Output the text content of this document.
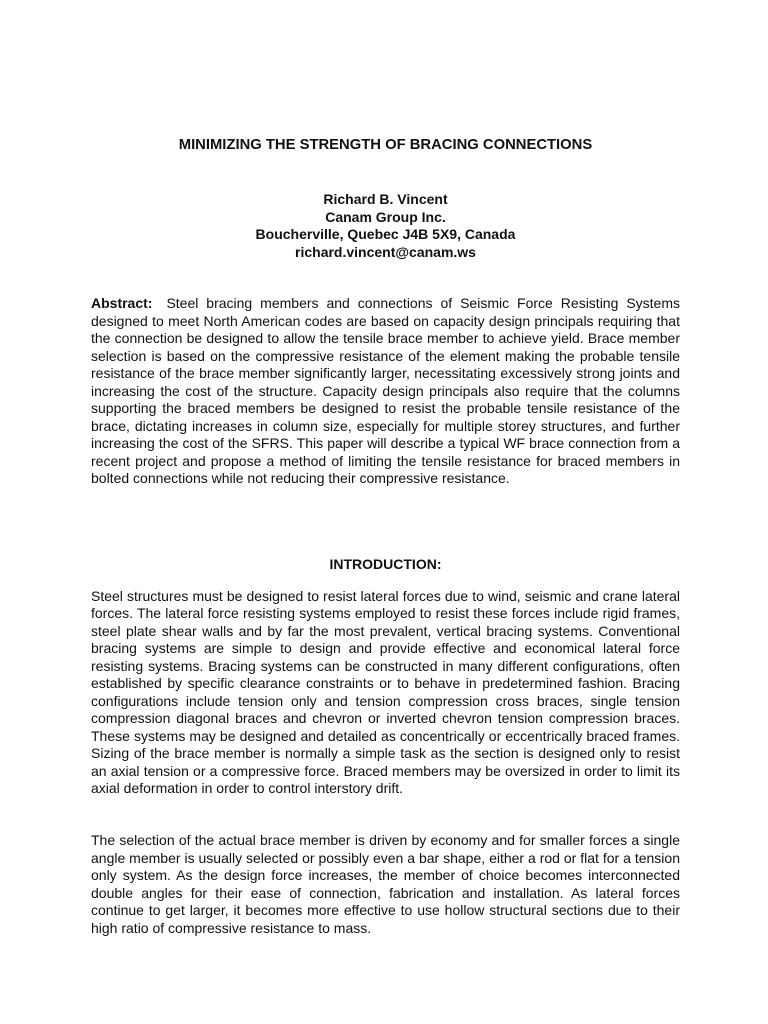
MINIMIZING THE STRENGTH OF BRACING CONNECTIONS
Richard B. Vincent
Canam Group Inc.
Boucherville, Quebec J4B 5X9, Canada
richard.vincent@canam.ws

Abstract: Steel bracing members and connections of Seismic Force Resisting Systems designed to meet North American codes are based on capacity design principals requiring that the connection be designed to allow the tensile brace member to achieve yield. Brace member selection is based on the compressive resistance of the element making the probable tensile resistance of the brace member significantly larger, necessitating excessively strong joints and increasing the cost of the structure. Capacity design principals also require that the columns supporting the braced members be designed to resist the probable tensile resistance of the brace, dictating increases in column size, especially for multiple storey structures, and further increasing the cost of the SFRS. This paper will describe a typical WF brace connection from a recent project and propose a method of limiting the tensile resistance for braced members in bolted connections while not reducing their compressive resistance.

INTRODUCTION:

Steel structures must be designed to resist lateral forces due to wind, seismic and crane lateral forces. The lateral force resisting systems employed to resist these forces include rigid frames, steel plate shear walls and by far the most prevalent, vertical bracing systems. Conventional bracing systems are simple to design and provide effective and economical lateral force resisting systems. Bracing systems can be constructed in many different configurations, often established by specific clearance constraints or to behave in predetermined fashion. Bracing configurations include tension only and tension compression cross braces, single tension compression diagonal braces and chevron or inverted chevron tension compression braces. These systems may be designed and detailed as concentrically or eccentrically braced frames. Sizing of the brace member is normally a simple task as the section is designed only to resist an axial tension or a compressive force. Braced members may be oversized in order to limit its axial deformation in order to control interstory drift.

The selection of the actual brace member is driven by economy and for smaller forces a single angle member is usually selected or possibly even a bar shape, either a rod or flat for a tension only system. As the design force increases, the member of choice becomes interconnected double angles for their ease of connection, fabrication and installation. As lateral forces continue to get larger, it becomes more effective to use hollow structural sections due to their high ratio of compressive resistance to mass.
